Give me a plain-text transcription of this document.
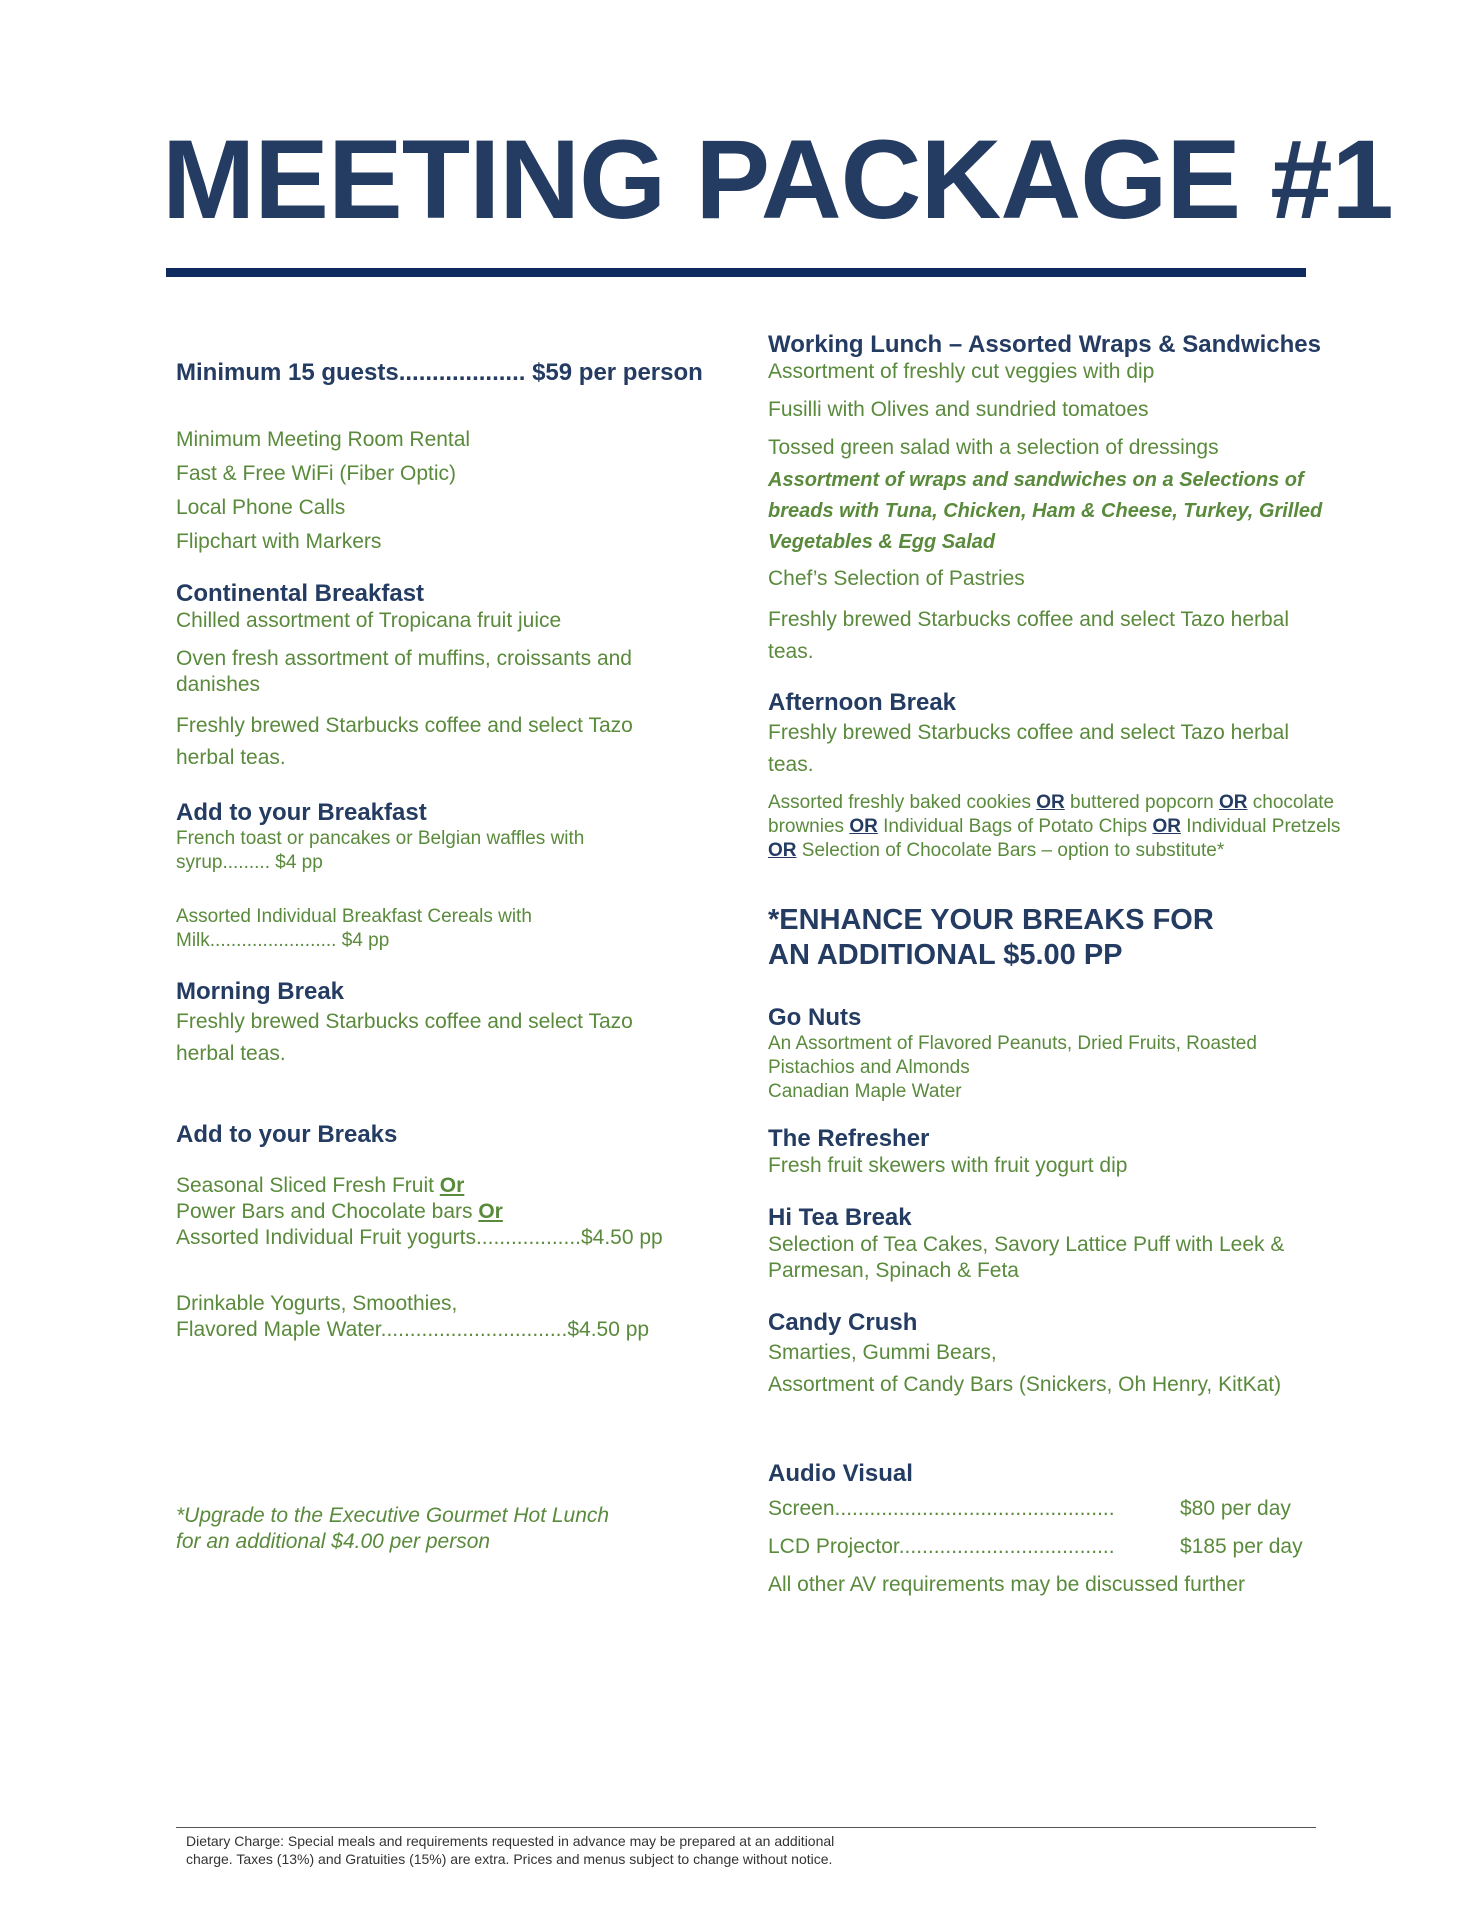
MEETING PACKAGE #1
Minimum 15 guests................... $59 per person
Minimum Meeting Room Rental
Fast & Free WiFi (Fiber Optic)
Local Phone Calls
Flipchart with Markers
Continental Breakfast
Chilled assortment of Tropicana fruit juice
Oven fresh assortment of muffins, croissants and danishes
Freshly brewed Starbucks coffee and select Tazo herbal teas.
Add to your Breakfast
French toast or pancakes or Belgian waffles with syrup......... $4 pp
Assorted Individual Breakfast Cereals with Milk........................ $4 pp
Morning Break
Freshly brewed Starbucks coffee and select Tazo herbal teas.
Add to your Breaks
Seasonal Sliced Fresh Fruit Or
Power Bars and Chocolate bars Or
Assorted Individual Fruit yogurts..................$4.50 pp
Drinkable Yogurts, Smoothies,
Flavored Maple Water................................$4.50 pp
*Upgrade to the Executive Gourmet Hot Lunch
for an additional $4.00 per person
Working Lunch – Assorted Wraps & Sandwiches
Assortment of freshly cut veggies with dip
Fusilli with Olives and sundried tomatoes
Tossed green salad with a selection of dressings
Assortment of wraps and sandwiches on a Selections of breads with Tuna, Chicken, Ham & Cheese, Turkey, Grilled Vegetables & Egg Salad
Chef’s Selection of Pastries
Freshly brewed Starbucks coffee and select Tazo herbal teas.
Afternoon Break
Freshly brewed Starbucks coffee and select Tazo herbal teas.
Assorted freshly baked cookies OR buttered popcorn OR chocolate brownies OR Individual Bags of Potato Chips OR Individual Pretzels OR Selection of Chocolate Bars – option to substitute*
*ENHANCE YOUR BREAKS FOR
AN ADDITIONAL $5.00 PP
Go Nuts
An Assortment of Flavored Peanuts, Dried Fruits, Roasted Pistachios and Almonds
Canadian Maple Water
The Refresher
Fresh fruit skewers with fruit yogurt dip
Hi Tea Break
Selection of Tea Cakes, Savory Lattice Puff with Leek & Parmesan, Spinach & Feta
Candy Crush
Smarties, Gummi Bears,
Assortment of Candy Bars (Snickers, Oh Henry, KitKat)
Audio Visual
Screen................................................	$80 per day
LCD Projector.....................................	$185 per day
All other AV requirements may be discussed further
Dietary Charge: Special meals and requirements requested in advance may be prepared at an additional
charge. Taxes (13%) and Gratuities (15%) are extra. Prices and menus subject to change without notice.
